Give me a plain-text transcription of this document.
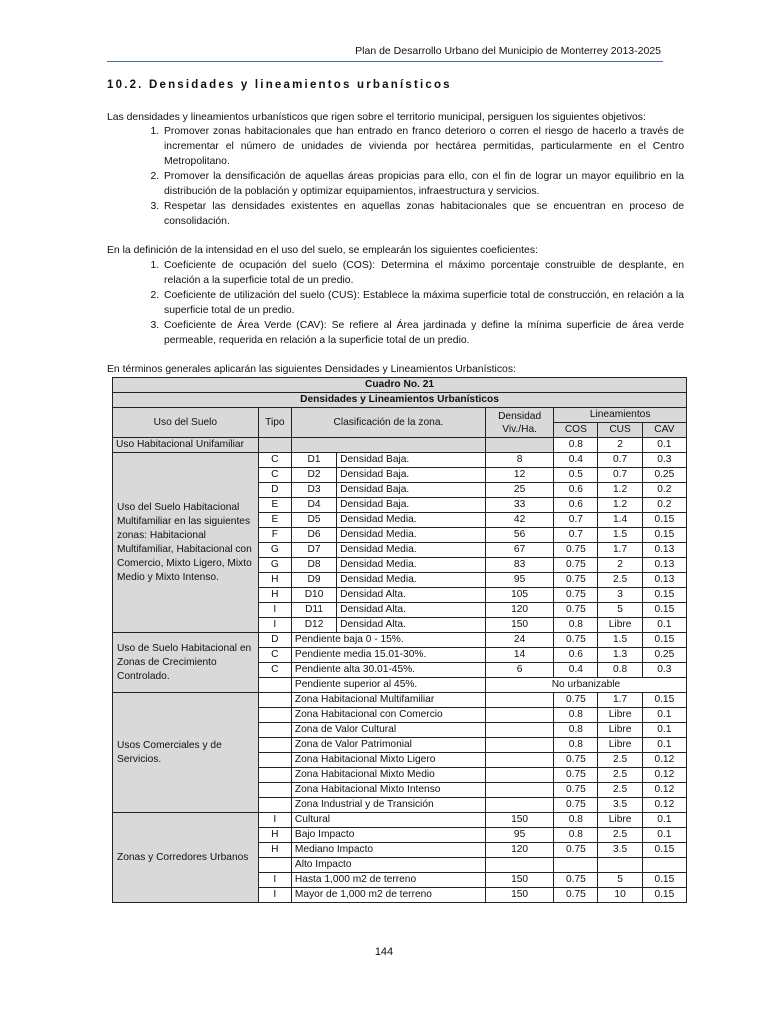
Plan de Desarrollo Urbano del Municipio de Monterrey 2013-2025
10.2. Densidades y lineamientos urbanísticos
Las densidades y lineamientos urbanísticos que rigen sobre el territorio municipal, persiguen los siguientes objetivos:
1. Promover zonas habitacionales que han entrado en franco deterioro o corren el riesgo de hacerlo a través de incrementar el número de unidades de vivienda por hectárea permitidas, particularmente en el Centro Metropolitano.
2. Promover la densificación de aquellas áreas propicias para ello, con el fin de lograr un mayor equilibrio en la distribución de la población y optimizar equipamientos, infraestructura y servicios.
3. Respetar las densidades existentes en aquellas zonas habitacionales que se encuentran en proceso de consolidación.
En la definición de la intensidad en el uso del suelo, se emplearán los siguientes coeficientes:
1. Coeficiente de ocupación del suelo (COS): Determina el máximo porcentaje construible de desplante, en relación a la superficie total de un predio.
2. Coeficiente de utilización del suelo (CUS): Establece la máxima superficie total de construcción, en relación a la superficie total de un predio.
3. Coeficiente de Área Verde (CAV): Se refiere al Área jardinada y define la mínima superficie de área verde permeable, requerida en relación a la superficie total de un predio.
En términos generales aplicarán las siguientes Densidades y Lineamientos Urbanísticos:
Cuadro No. 21							
Densidades y Lineamientos Urbanísticos							
Uso del Suelo	Tipo	Clasificación de la zona.		Densidad Viv./Ha.	Lineamientos		
					COS	CUS	CAV
Uso Habitacional Unifamiliar					0.8	2	0.1
Uso del Suelo Habitacional Multifamiliar en las siguientes zonas: Habitacional Multifamiliar, Habitacional con Comercio, Mixto Ligero, Mixto Medio y Mixto Intenso.	C	D1	Densidad Baja.	8	0.4	0.7	0.3
	C	D2	Densidad Baja.	12	0.5	0.7	0.25
	D	D3	Densidad Baja.	25	0.6	1.2	0.2
	E	D4	Densidad Baja.	33	0.6	1.2	0.2
	E	D5	Densidad Media.	42	0.7	1.4	0.15
	F	D6	Densidad Media.	56	0.7	1.5	0.15
	G	D7	Densidad Media.	67	0.75	1.7	0.13
	G	D8	Densidad Media.	83	0.75	2	0.13
	H	D9	Densidad Media.	95	0.75	2.5	0.13
	H	D10	Densidad Alta.	105	0.75	3	0.15
	I	D11	Densidad Alta.	120	0.75	5	0.15
	I	D12	Densidad Alta.	150	0.8	Libre	0.1
Uso de Suelo Habitacional en Zonas de Crecimiento Controlado.	D	Pendiente baja 0 - 15%.		24	0.75	1.5	0.15
	C	Pendiente media 15.01-30%.		14	0.6	1.3	0.25
	C	Pendiente alta 30.01-45%.		6	0.4	0.8	0.3
		Pendiente superior al 45%.		No urbanizable			
Usos Comerciales y de Servicios.		Zona Habitacional Multifamiliar			0.75	1.7	0.15
		Zona Habitacional con Comercio			0.8	Libre	0.1
		Zona de Valor Cultural			0.8	Libre	0.1
		Zona de Valor Patrimonial			0.8	Libre	0.1
		Zona Habitacional Mixto Ligero			0.75	2.5	0.12
		Zona Habitacional Mixto Medio			0.75	2.5	0.12
		Zona Habitacional Mixto Intenso			0.75	2.5	0.12
		Zona Industrial y de Transición			0.75	3.5	0.12
Zonas y Corredores Urbanos	I	Cultural		150	0.8	Libre	0.1
	H	Bajo Impacto		95	0.8	2.5	0.1
	H	Mediano Impacto		120	0.75	3.5	0.15
		Alto Impacto					
	I	Hasta 1,000 m2 de terreno		150	0.75	5	0.15
	I	Mayor de 1,000 m2 de terreno		150	0.75	10	0.15
144
